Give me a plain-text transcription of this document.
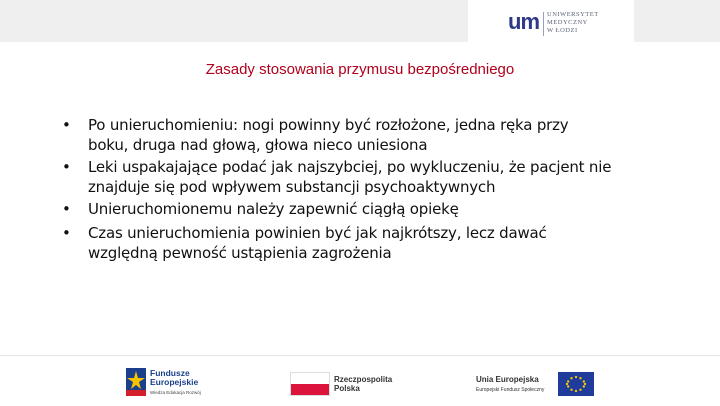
um UNIWERSYTET
MEDYCZNY
W ŁODZI
Zasady stosowania przymusu bezpośredniego
•	Po unieruchomieniu: nogi powinny być rozłożone, jedna ręka przy
boku, druga nad głową, głowa nieco uniesiona
•	Leki uspakajające podać jak najszybciej, po wykluczeniu, że pacjent nie
znajduje się pod wpływem substancji psychoaktywnych
•	Unieruchomionemu należy zapewnić ciągłą opiekę
•	Czas unieruchomienia powinien być jak najkrótszy, lecz dawać
względną pewność ustąpienia zagrożenia
Fundusze
Europejskie
Wiedza Edukacja Rozwój
Rzeczpospolita
Polska
Unia Europejska
Europejski Fundusz Społeczny
